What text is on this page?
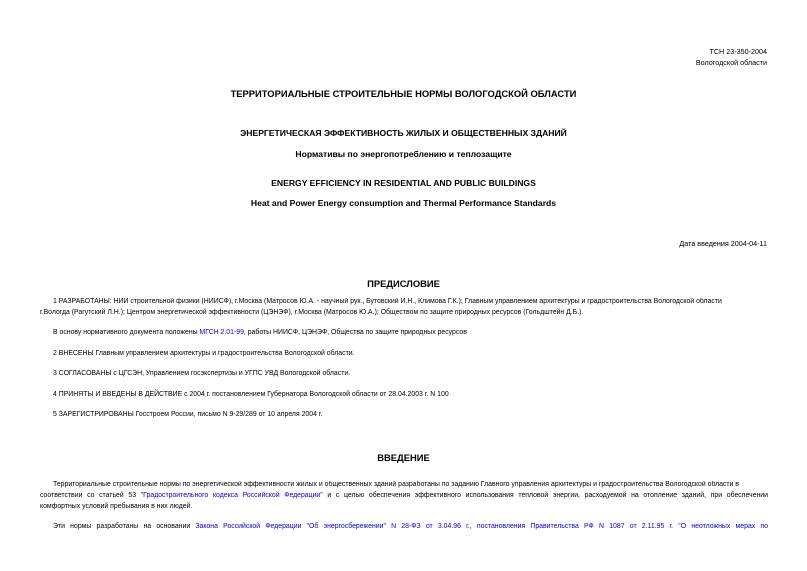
ТСН 23-350-2004
Вологодской области
ТЕРРИТОРИАЛЬНЫЕ СТРОИТЕЛЬНЫЕ НОРМЫ ВОЛОГОДСКОЙ ОБЛАСТИ
ЭНЕРГЕТИЧЕСКАЯ ЭФФЕКТИВНОСТЬ ЖИЛЫХ И ОБЩЕСТВЕННЫХ ЗДАНИЙ
Нормативы по энергопотреблению и теплозащите
ENERGY EFFICIENCY IN RESIDENTIAL AND PUBLIC BUILDINGS
Heat and Power Energy consumption and Thermal Performance Standards
Дата введения 2004-04-11
ПРЕДИСЛОВИЕ
1 РАЗРАБОТАНЫ: НИИ строительной физики (НИИСФ), г.Москва (Матросов Ю.А. - научный рук., Бутовский И.Н., Климова Г.К.); Главным управлением архитектуры и градостроительства Вологодской области
г.Вологда (Рагутский Л.Н.); Центром энергетической эффективности (ЦЭНЭФ), г.Москва (Матросов Ю.А.); Обществом по защите природных ресурсов (Гольдштейн Д.Б.).
В основу нормативного документа положены МГСН 2.01-99, работы НИИСФ, ЦЭНЭФ, Общества по защите природных ресурсов
2 ВНЕСЕНЫ Главным управлением архитектуры и градостроительства Вологодской области.
3 СОГЛАСОВАНЫ с ЦГСЭН, Управлением госэкспертизы и УГПС УВД Вологодской области.
4 ПРИНЯТЫ И ВВЕДЕНЫ В ДЕЙСТВИЕ с 2004 г. постановлением Губернатора Вологодской области от 28.04.2003 г. N 100
5 ЗАРЕГИСТРИРОВАНЫ Госстроем России, письмо N 9-29/289 от 10 апреля 2004 г.
ВВЕДЕНИЕ
Территориальные строительные нормы по энергетической эффективности жилых и общественных зданий разработаны по заданию Главного управления архитектуры и градостроительства Вологодской области в
соответствии со статьей 53 "Градостроительного кодекса Российской Федерации" и с целью обеспечения эффективного использования тепловой энергии, расходуемой на отопление зданий, при обеспечении
комфортных условий пребывания в них людей.
Эти нормы разработаны на основании Закона Российской Федерации "Об энергосбережении" N 28-ФЗ от 3.04.96 г., постановления Правительства РФ N 1087 от 2.11.95 г. "О неотложных мерах по
